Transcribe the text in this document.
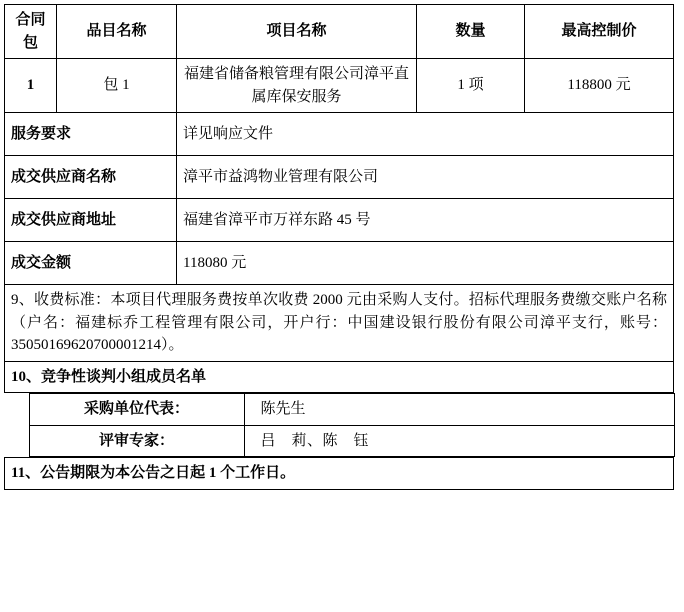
合同包	品目名称	项目名称	数量	最高控制价
1	包 1	福建省储备粮管理有限公司漳平直属库保安服务	1 项	118800 元
服务要求	详见响应文件
成交供应商名称	漳平市益鸿物业管理有限公司
成交供应商地址	福建省漳平市万祥东路 45 号
成交金额	118080 元
9、收费标准：本项目代理服务费按单次收费 2000 元由采购人支付。招标代理服务费缴交账户名称（户名：福建标乔工程管理有限公司，开户行：中国建设银行股份有限公司漳平支行，账号：35050169620700001214）。
10、竞争性谈判小组成员名单

采购单位代表：	陈先生
评审专家：	吕　莉、陈　钰

11、公告期限为本公告之日起 1 个工作日。
